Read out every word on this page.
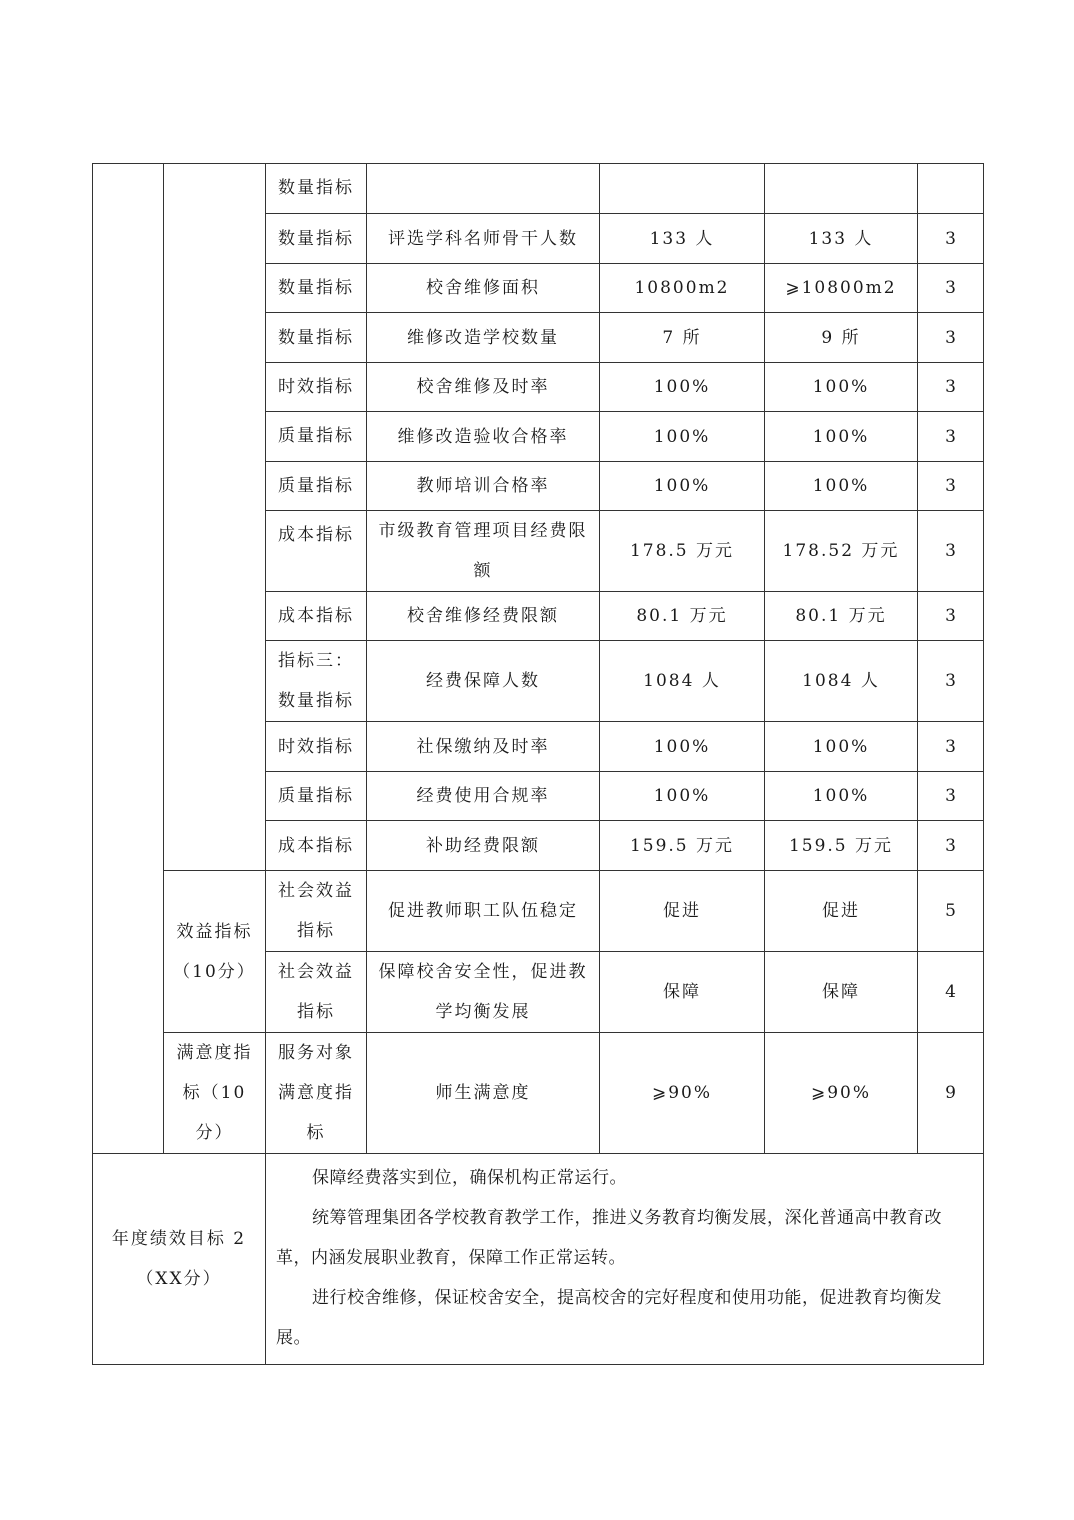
		数量指标				
		数量指标	评选学科名师骨干人数	133 人	133 人	3
		数量指标	校舍维修面积	10800m2	⩾10800m2	3
		数量指标	维修改造学校数量	7 所	9 所	3
		时效指标	校舍维修及时率	100%	100%	3
		质量指标	维修改造验收合格率	100%	100%	3
		质量指标	教师培训合格率	100%	100%	3
		成本指标	市级教育管理项目经费限额	178.5 万元	178.52 万元	3
		成本指标	校舍维修经费限额	80.1 万元	80.1 万元	3
		指标三：数量指标	经费保障人数	1084 人	1084 人	3
		时效指标	社保缴纳及时率	100%	100%	3
		质量指标	经费使用合规率	100%	100%	3
		成本指标	补助经费限额	159.5 万元	159.5 万元	3
	效益指标（10分）	社会效益指标	促进教师职工队伍稳定	促进	促进	5
		社会效益指标	保障校舍安全性，促进教学均衡发展	保障	保障	4
	满意度指标（10分）	服务对象满意度指标	师生满意度	⩾90%	⩾90%	9
年度绩效目标 2（XX分）		保障经费落实到位，确保机构正常运行。

统筹管理集团各学校教育教学工作，推进义务教育均衡发展，深化普通高中教育改革，内涵发展职业教育，保障工作正常运转。

进行校舍维修，保证校舍安全，提高校舍的完好程度和使用功能，促进教育均衡发展。				
